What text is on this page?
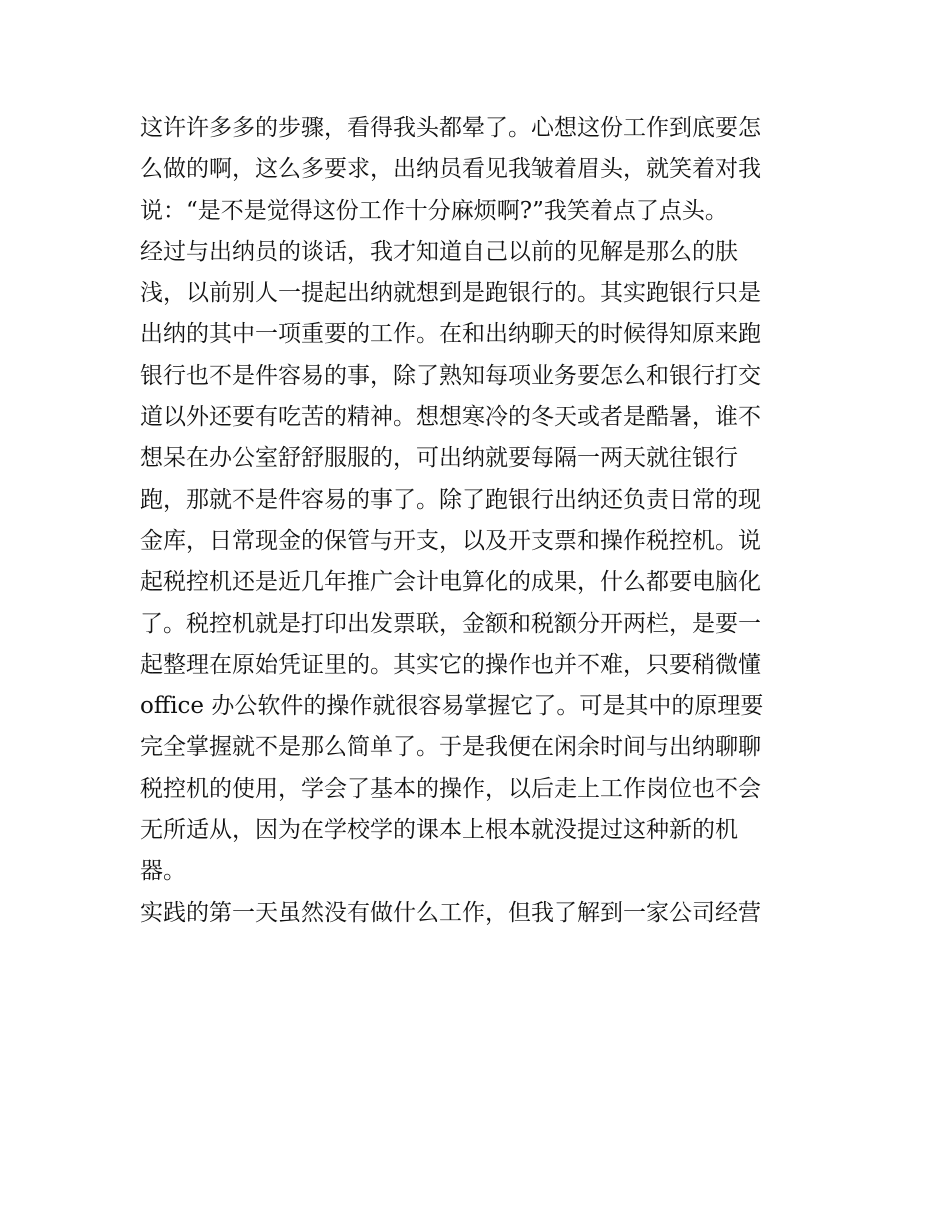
这许许多多的步骤，看得我头都晕了。心想这份工作到底要怎
么做的啊，这么多要求，出纳员看见我皱着眉头，就笑着对我
说：“是不是觉得这份工作十分麻烦啊?”我笑着点了点头。
经过与出纳员的谈话，我才知道自己以前的见解是那么的肤
浅，以前别人一提起出纳就想到是跑银行的。其实跑银行只是
出纳的其中一项重要的工作。在和出纳聊天的时候得知原来跑
银行也不是件容易的事，除了熟知每项业务要怎么和银行打交
道以外还要有吃苦的精神。想想寒冷的冬天或者是酷暑，谁不
想呆在办公室舒舒服服的，可出纳就要每隔一两天就往银行
跑，那就不是件容易的事了。除了跑银行出纳还负责日常的现
金库，日常现金的保管与开支，以及开支票和操作税控机。说
起税控机还是近几年推广会计电算化的成果，什么都要电脑化
了。税控机就是打印出发票联，金额和税额分开两栏，是要一
起整理在原始凭证里的。其实它的操作也并不难，只要稍微懂
office 办公软件的操作就很容易掌握它了。可是其中的原理要
完全掌握就不是那么简单了。于是我便在闲余时间与出纳聊聊
税控机的使用，学会了基本的操作，以后走上工作岗位也不会
无所适从，因为在学校学的课本上根本就没提过这种新的机
器。
实践的第一天虽然没有做什么工作，但我了解到一家公司经营
